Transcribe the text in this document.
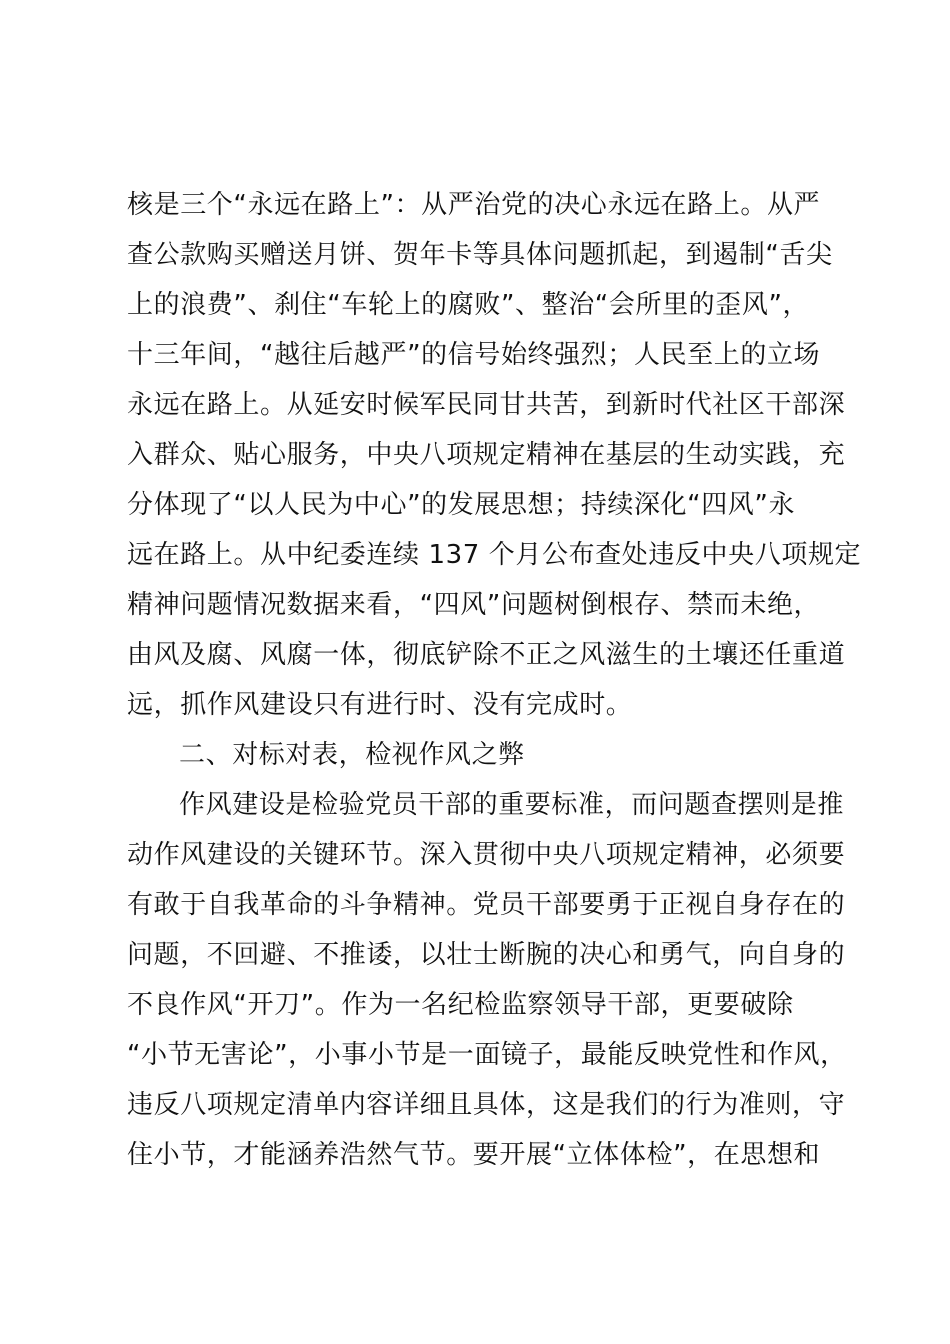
核是三个“永远在路上”：从严治党的决心永远在路上。从严
查公款购买赠送月饼、贺年卡等具体问题抓起，到遏制“舌尖
上的浪费”、刹住“车轮上的腐败”、整治“会所里的歪风”，
十三年间，“越往后越严”的信号始终强烈；人民至上的立场
永远在路上。从延安时候军民同甘共苦，到新时代社区干部深
入群众、贴心服务，中央八项规定精神在基层的生动实践，充
分体现了“以人民为中心”的发展思想；持续深化“四风”永
远在路上。从中纪委连续 137 个月公布查处违反中央八项规定
精神问题情况数据来看，“四风”问题树倒根存、禁而未绝，
由风及腐、风腐一体，彻底铲除不正之风滋生的土壤还任重道
远，抓作风建设只有进行时、没有完成时。
二、对标对表，检视作风之弊
作风建设是检验党员干部的重要标准，而问题查摆则是推
动作风建设的关键环节。深入贯彻中央八项规定精神，必须要
有敢于自我革命的斗争精神。党员干部要勇于正视自身存在的
问题，不回避、不推诿，以壮士断腕的决心和勇气，向自身的
不良作风“开刀”。作为一名纪检监察领导干部，更要破除
“小节无害论”，小事小节是一面镜子，最能反映党性和作风，
违反八项规定清单内容详细且具体，这是我们的行为准则，守
住小节，才能涵养浩然气节。要开展“立体体检”，在思想和
